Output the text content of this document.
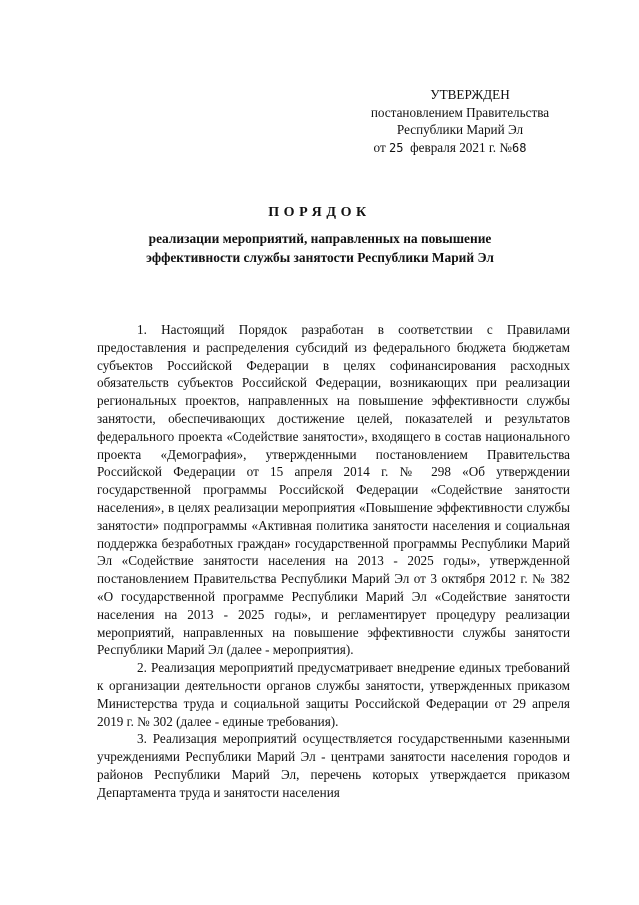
УТВЕРЖДЕН
постановлением Правительства
Республики Марий Эл
от 25 февраля 2021 г. №68
ПОРЯДОК
реализации мероприятий, направленных на повышение
эффективности службы занятости Республики Марий Эл

1. Настоящий Порядок разработан в соответствии с Правилами предоставления и распределения субсидий из федерального бюджета бюджетам субъектов Российской Федерации в целях софинансирования расходных обязательств субъектов Российской Федерации, возникающих при реализации региональных проектов, направленных на повышение эффективности службы занятости, обеспечивающих достижение целей, показателей и результатов федерального проекта «Содействие занятости», входящего в состав национального проекта «Демография», утвержденными постановлением Правительства Российской Федерации от 15 апреля 2014 г. № 298 «Об утверждении государственной программы Российской Федерации «Содействие занятости населения», в целях реализации мероприятия «Повышение эффективности службы занятости» подпрограммы «Активная политика занятости населения и социальная поддержка безработных граждан» государственной программы Республики Марий Эл «Содействие занятости населения на 2013 - 2025 годы», утвержденной постановлением Правительства Республики Марий Эл от 3 октября 2012 г. № 382 «О государственной программе Республики Марий Эл «Содействие занятости населения на 2013 - 2025 годы», и регламентирует процедуру реализации мероприятий, направленных на повышение эффективности службы занятости Республики Марий Эл (далее - мероприятия).

2. Реализация мероприятий предусматривает внедрение единых требований к организации деятельности органов службы занятости, утвержденных приказом Министерства труда и социальной защиты Российской Федерации от 29 апреля 2019 г. № 302 (далее - единые требования).

3. Реализация мероприятий осуществляется государственными казенными учреждениями Республики Марий Эл - центрами занятости населения городов и районов Республики Марий Эл, перечень которых утверждается приказом Департамента труда и занятости населения
